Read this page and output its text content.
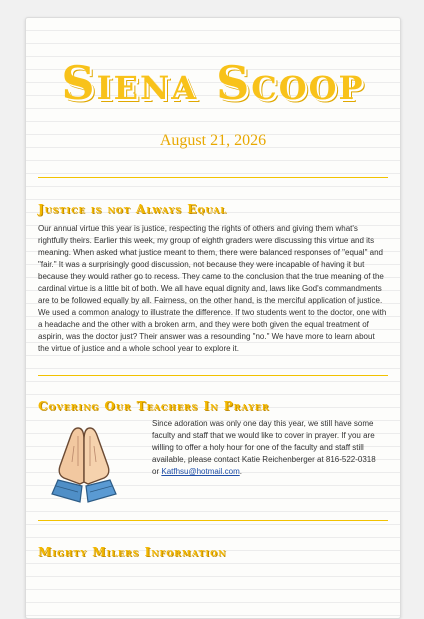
Siena Scoop
August 21, 2026
Justice is not Always Equal

Our annual virtue this year is justice, respecting the rights of others and giving them what's rightfully theirs. Earlier this week, my group of eighth graders were discussing this virtue and its meaning. When asked what justice meant to them, there were balanced responses of "equal" and "fair." It was a surprisingly good discussion, not because they were incapable of having it but because they would rather go to recess. They came to the conclusion that the true meaning of the cardinal virtue is a little bit of both. We all have equal dignity and, laws like God's commandments are to be followed equally by all. Fairness, on the other hand, is the merciful application of justice. We used a common analogy to illustrate the difference. If two students went to the doctor, one with a headache and the other with a broken arm, and they were both given the equal treatment of aspirin, was the doctor just? Their answer was a resounding "no." We have more to learn about the virtue of justice and a whole school year to explore it.

Covering Our Teachers In Prayer

Since adoration was only one day this year, we still have some faculty and staff that we would like to cover in prayer. If you are willing to offer a holy hour for one of the faculty and staff still available, please contact Katie Reichenberger at 816-522-0318 or Katfhsu@hotmail.com.

Mighty Milers Information
